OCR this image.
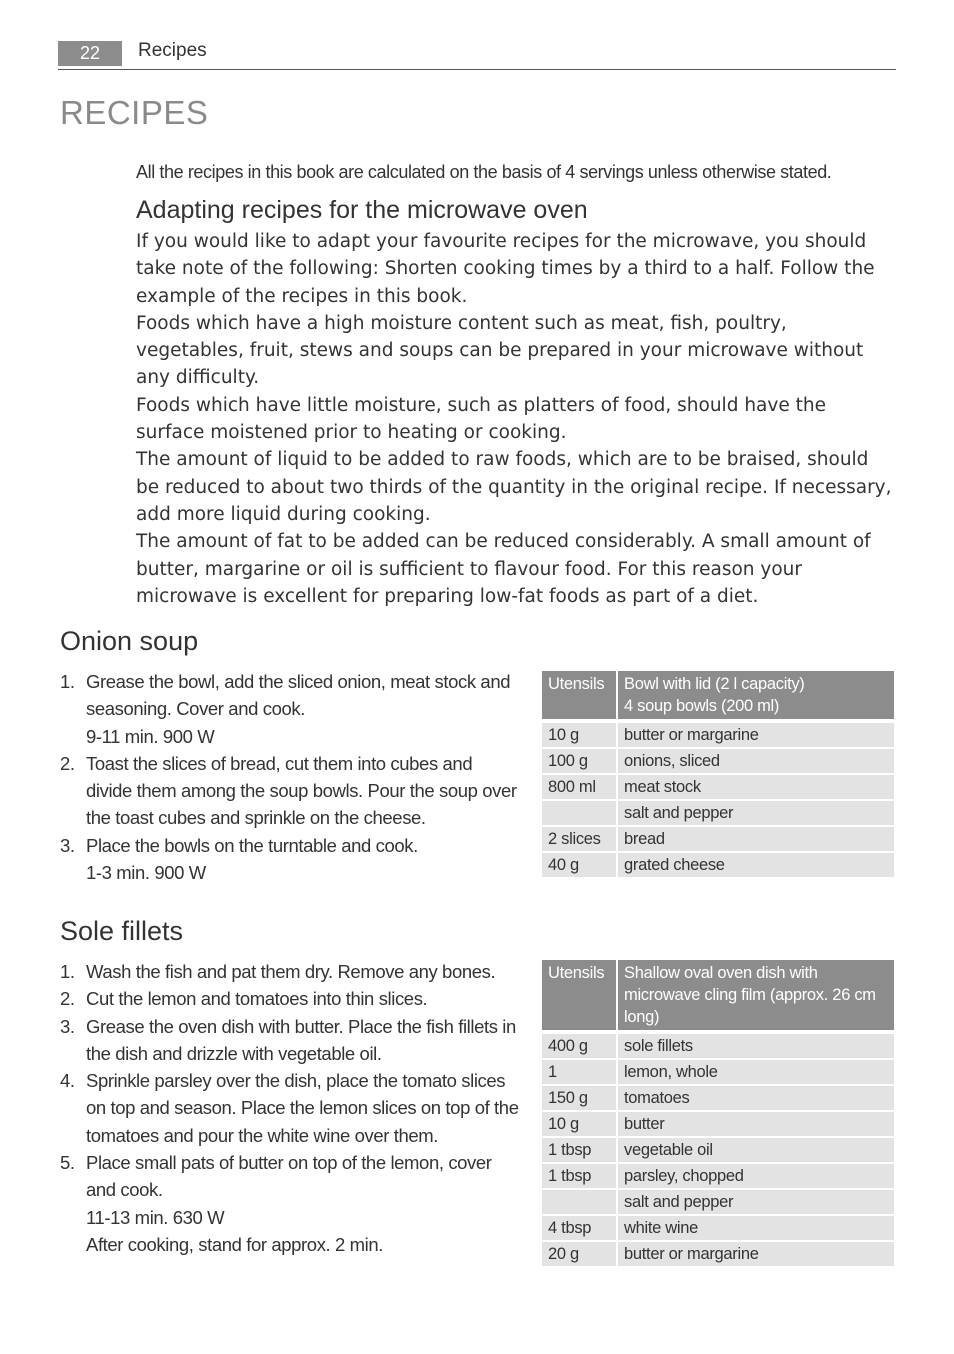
22	Recipes
RECIPES
All the recipes in this book are calculated on the basis of 4 servings unless otherwise stated.
Adapting recipes for the microwave oven

If you would like to adapt your favourite recipes for the microwave, you should take note of the following: Shorten cooking times by a third to a half. Follow the example of the recipes in this book.

Foods which have a high moisture content such as meat, fish, poultry, vegetables, fruit, stews and soups can be prepared in your microwave without any difficulty.

Foods which have little moisture, such as platters of food, should have the surface moistened prior to heating or cooking.

The amount of liquid to be added to raw foods, which are to be braised, should be reduced to about two thirds of the quantity in the original recipe. If necessary, add more liquid during cooking.

The amount of fat to be added can be reduced considerably. A small amount of butter, margarine or oil is sufficient to flavour food. For this reason your microwave is excellent for preparing low-fat foods as part of a diet.

Onion soup
1. Grease the bowl, add the sliced onion, meat stock and seasoning. Cover and cook.
9-11 min. 900 W
2. Toast the slices of bread, cut them into cubes and divide them among the soup bowls. Pour the soup over the toast cubes and sprinkle on the cheese.
3. Place the bowls on the turntable and cook.
1-3 min. 900 W
Utensils	Bowl with lid (2 l capacity)
4 soup bowls (200 ml)

10 g	butter or margarine
100 g	onions, sliced
800 ml	meat stock
	salt and pepper
2 slices	bread
40 g	grated cheese
Sole fillets
1. Wash the fish and pat them dry. Remove any bones.
2. Cut the lemon and tomatoes into thin slices.
3. Grease the oven dish with butter. Place the fish fillets in the dish and drizzle with vegetable oil.
4. Sprinkle parsley over the dish, place the tomato slices on top and season. Place the lemon slices on top of the tomatoes and pour the white wine over them.
5. Place small pats of butter on top of the lemon, cover and cook.
11-13 min. 630 W
After cooking, stand for approx. 2 min.
Utensils	Shallow oval oven dish with microwave cling film (approx. 26 cm long)
400 g	sole fillets
1	lemon, whole
150 g	tomatoes
10 g	butter
1 tbsp	vegetable oil
1 tbsp	parsley, chopped
	salt and pepper
4 tbsp	white wine
20 g	butter or margarine
